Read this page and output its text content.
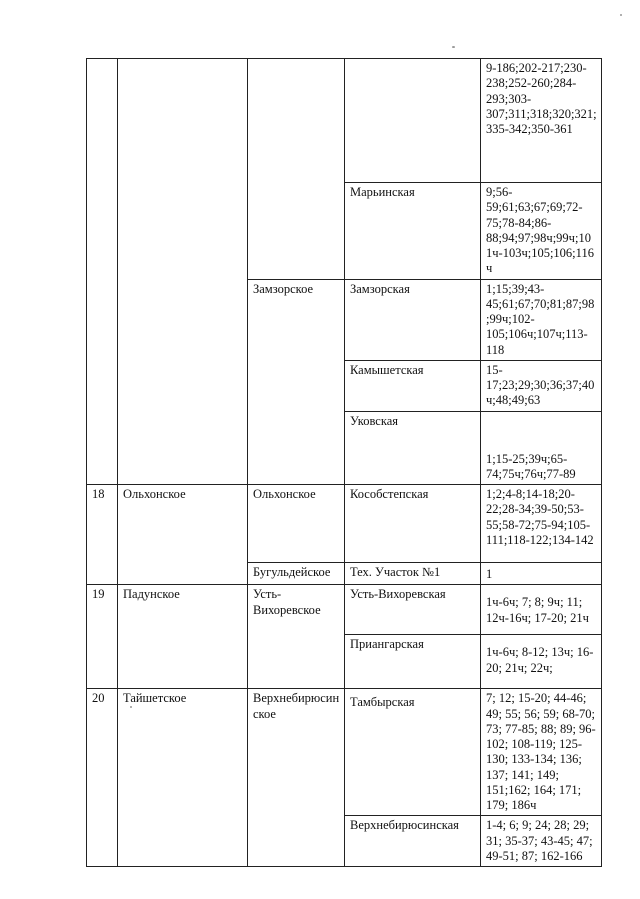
				9-186;202-217;230-238;252-260;284-293;303-307;311;318;320;321;335-342;350-361
			Марьинская	9;56-59;61;63;67;69;72-75;78-84;86-88;94;97;98ч;99ч;101ч-103ч;105;106;116ч
		Замзорское	Замзорская	1;15;39;43-45;61;67;70;81;87;98;99ч;102-105;106ч;107ч;113-118
			Камышетская	15-17;23;29;30;36;37;40ч;48;49;63
			Уковская	1;15-25;39ч;65-74;75ч;76ч;77-89
18	Ольхонское	Ольхонское	Кособстепская	1;2;4-8;14-18;20-22;28-34;39-50;53-55;58-72;75-94;105-111;118-122;134-142
		Бугульдейское	Тех. Участок №1	1
19	Падунское	Усть-Вихоревское	Усть-Вихоревская	1ч-6ч; 7; 8; 9ч; 11; 12ч-16ч; 17-20; 21ч
			Приангарская	1ч-6ч; 8-12; 13ч; 16-20; 21ч; 22ч;
20	Тайшетское	Верхнебирюсинское	Тамбырская	7; 12; 15-20; 44-46; 49; 55; 56; 59; 68-70; 73; 77-85; 88; 89; 96-102; 108-119; 125-130; 133-134; 136; 137; 141; 149; 151;162; 164; 171; 179; 186ч
			Верхнебирюсинская	1-4; 6; 9; 24; 28; 29; 31; 35-37; 43-45; 47; 49-51; 87; 162-166
